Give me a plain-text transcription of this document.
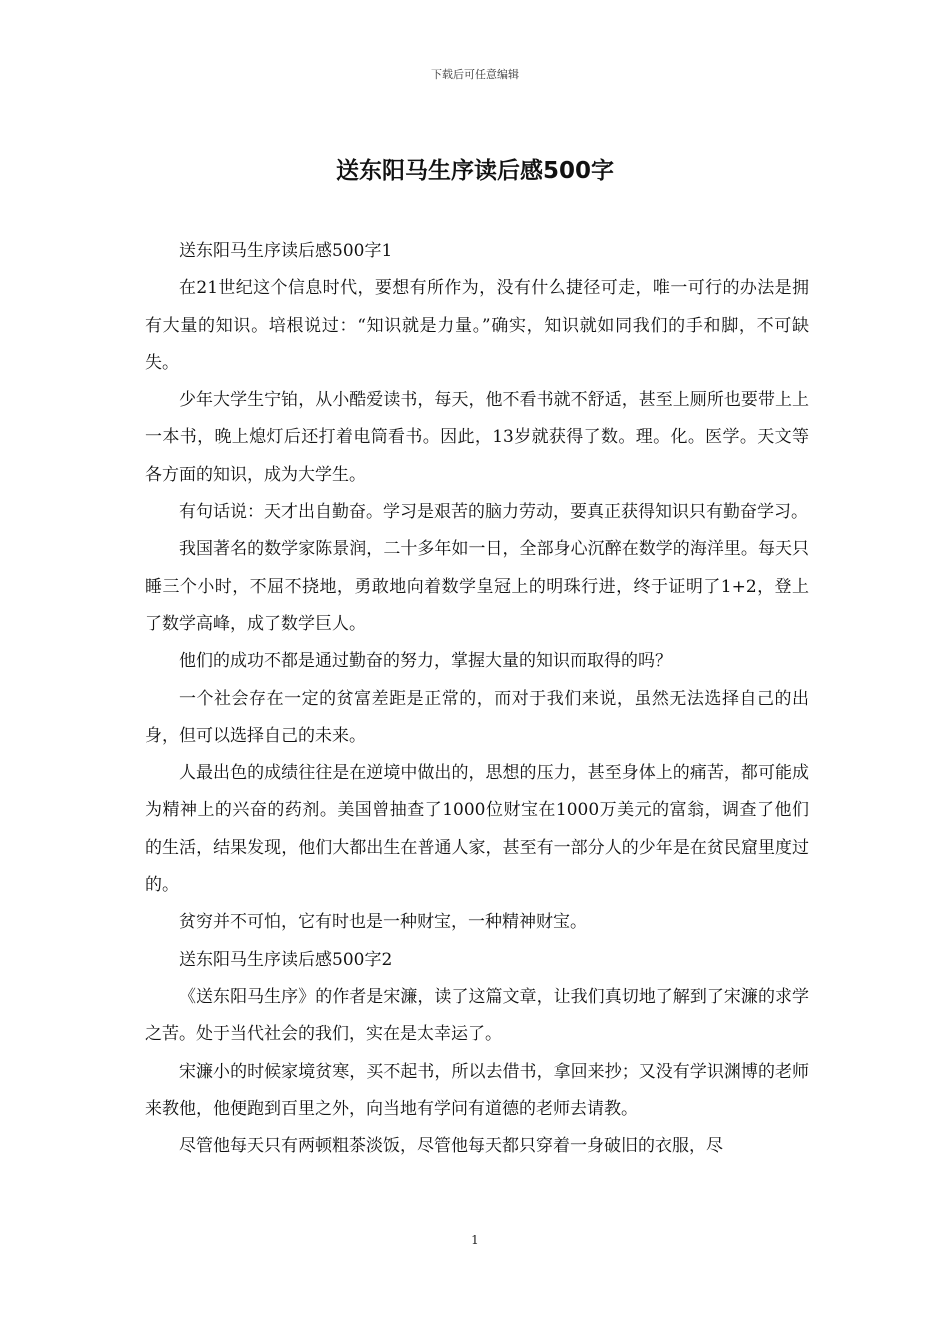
下载后可任意编辑
送东阳马生序读后感500字

送东阳马生序读后感500字1

在21世纪这个信息时代，要想有所作为，没有什么捷径可走，唯一可行的办法是拥有大量的知识。培根说过：“知识就是力量。”确实，知识就如同我们的手和脚，不可缺失。

少年大学生宁铂，从小酷爱读书，每天，他不看书就不舒适，甚至上厕所也要带上上一本书，晚上熄灯后还打着电筒看书。因此，13岁就获得了数。理。化。医学。天文等各方面的知识，成为大学生。

有句话说：天才出自勤奋。学习是艰苦的脑力劳动，要真正获得知识只有勤奋学习。

我国著名的数学家陈景润，二十多年如一日，全部身心沉醉在数学的海洋里。每天只睡三个小时，不屈不挠地，勇敢地向着数学皇冠上的明珠行进，终于证明了1+2，登上了数学高峰，成了数学巨人。

他们的成功不都是通过勤奋的努力，掌握大量的知识而取得的吗？

一个社会存在一定的贫富差距是正常的，而对于我们来说，虽然无法选择自己的出身，但可以选择自己的未来。

人最出色的成绩往往是在逆境中做出的，思想的压力，甚至身体上的痛苦，都可能成为精神上的兴奋的药剂。美国曾抽查了1000位财宝在1000万美元的富翁，调查了他们的生活，结果发现，他们大都出生在普通人家，甚至有一部分人的少年是在贫民窟里度过的。

贫穷并不可怕，它有时也是一种财宝，一种精神财宝。

送东阳马生序读后感500字2

《送东阳马生序》的作者是宋濂，读了这篇文章，让我们真切地了解到了宋濂的求学之苦。处于当代社会的我们，实在是太幸运了。

宋濂小的时候家境贫寒，买不起书，所以去借书，拿回来抄；又没有学识渊博的老师来教他，他便跑到百里之外，向当地有学问有道德的老师去请教。

尽管他每天只有两顿粗茶淡饭，尽管他每天都只穿着一身破旧的衣服，尽

1
